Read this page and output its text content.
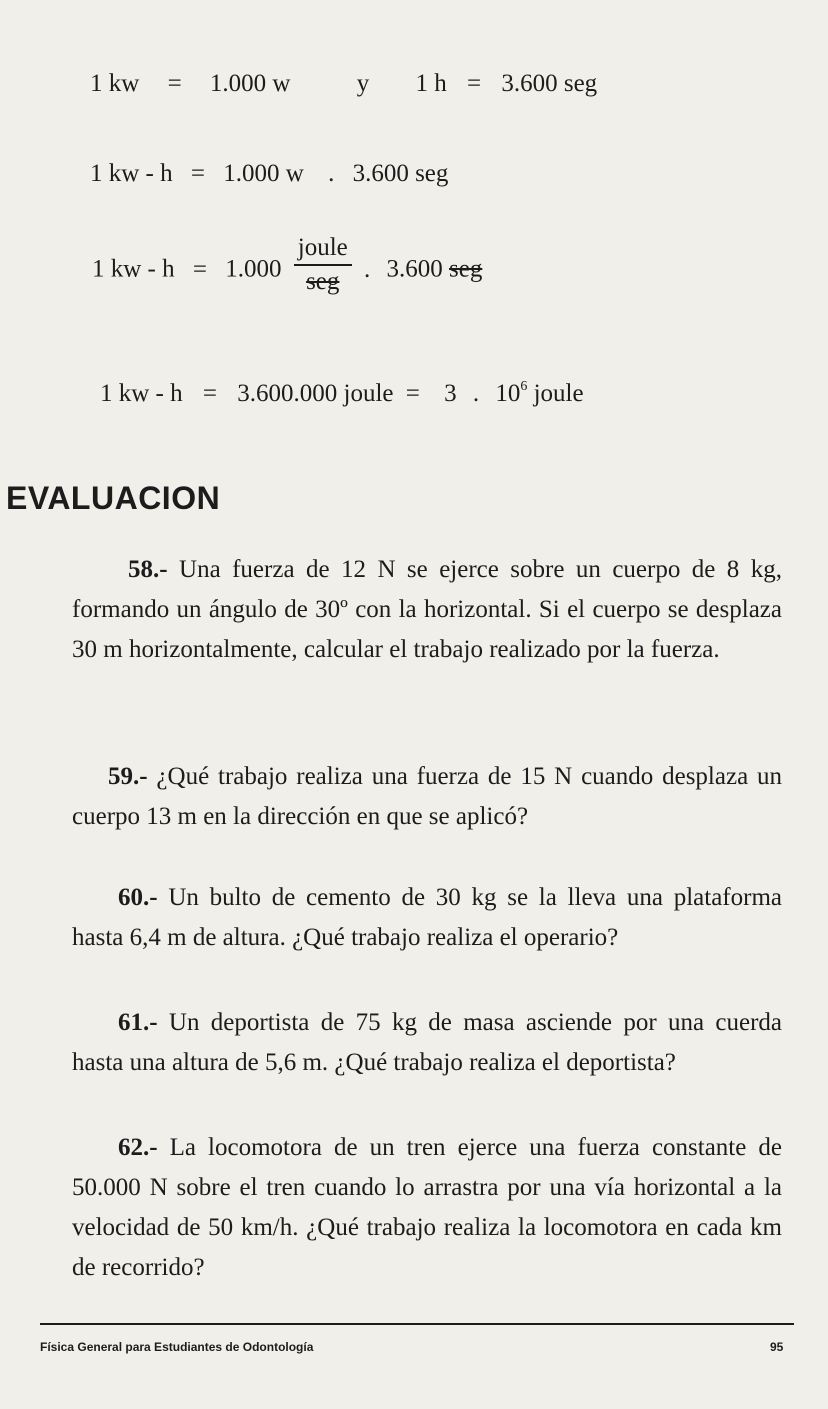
1 kw = 1.000 w	y 1 h = 3.600 seg
1 kw - h = 1.000 w . 3.600 seg
1 kw - $h = 1.000 \frac{\text{joule}}{\text{seg}}$ . 3.600 seg
1 kw - h = 3.600.000 joule = 3 . $10^6$ joule
EVALUACION
58.- Una fuerza de 12 N se ejerce sobre un cuerpo de 8 kg, formando un ángulo de 30º con la horizontal. Si el cuerpo se desplaza 30 m horizontalmente, calcular el trabajo realizado por la fuerza.
59.- ¿Qué trabajo realiza una fuerza de 15 N cuando desplaza un cuerpo 13 m en la dirección en que se aplicó?
60.- Un bulto de cemento de 30 kg se la lleva una plataforma hasta 6,4 m de altura. ¿Qué trabajo realiza el operario?
61.- Un deportista de 75 kg de masa asciende por una cuerda hasta una altura de 5,6 m. ¿Qué trabajo realiza el deportista?
62.- La locomotora de un tren ejerce una fuerza constante de 50.000 N sobre el tren cuando lo arrastra por una vía horizontal a la velocidad de 50 km/h. ¿Qué trabajo realiza la locomotora en cada km de recorrido?
Física General para Estudiantes de Odontología	95
